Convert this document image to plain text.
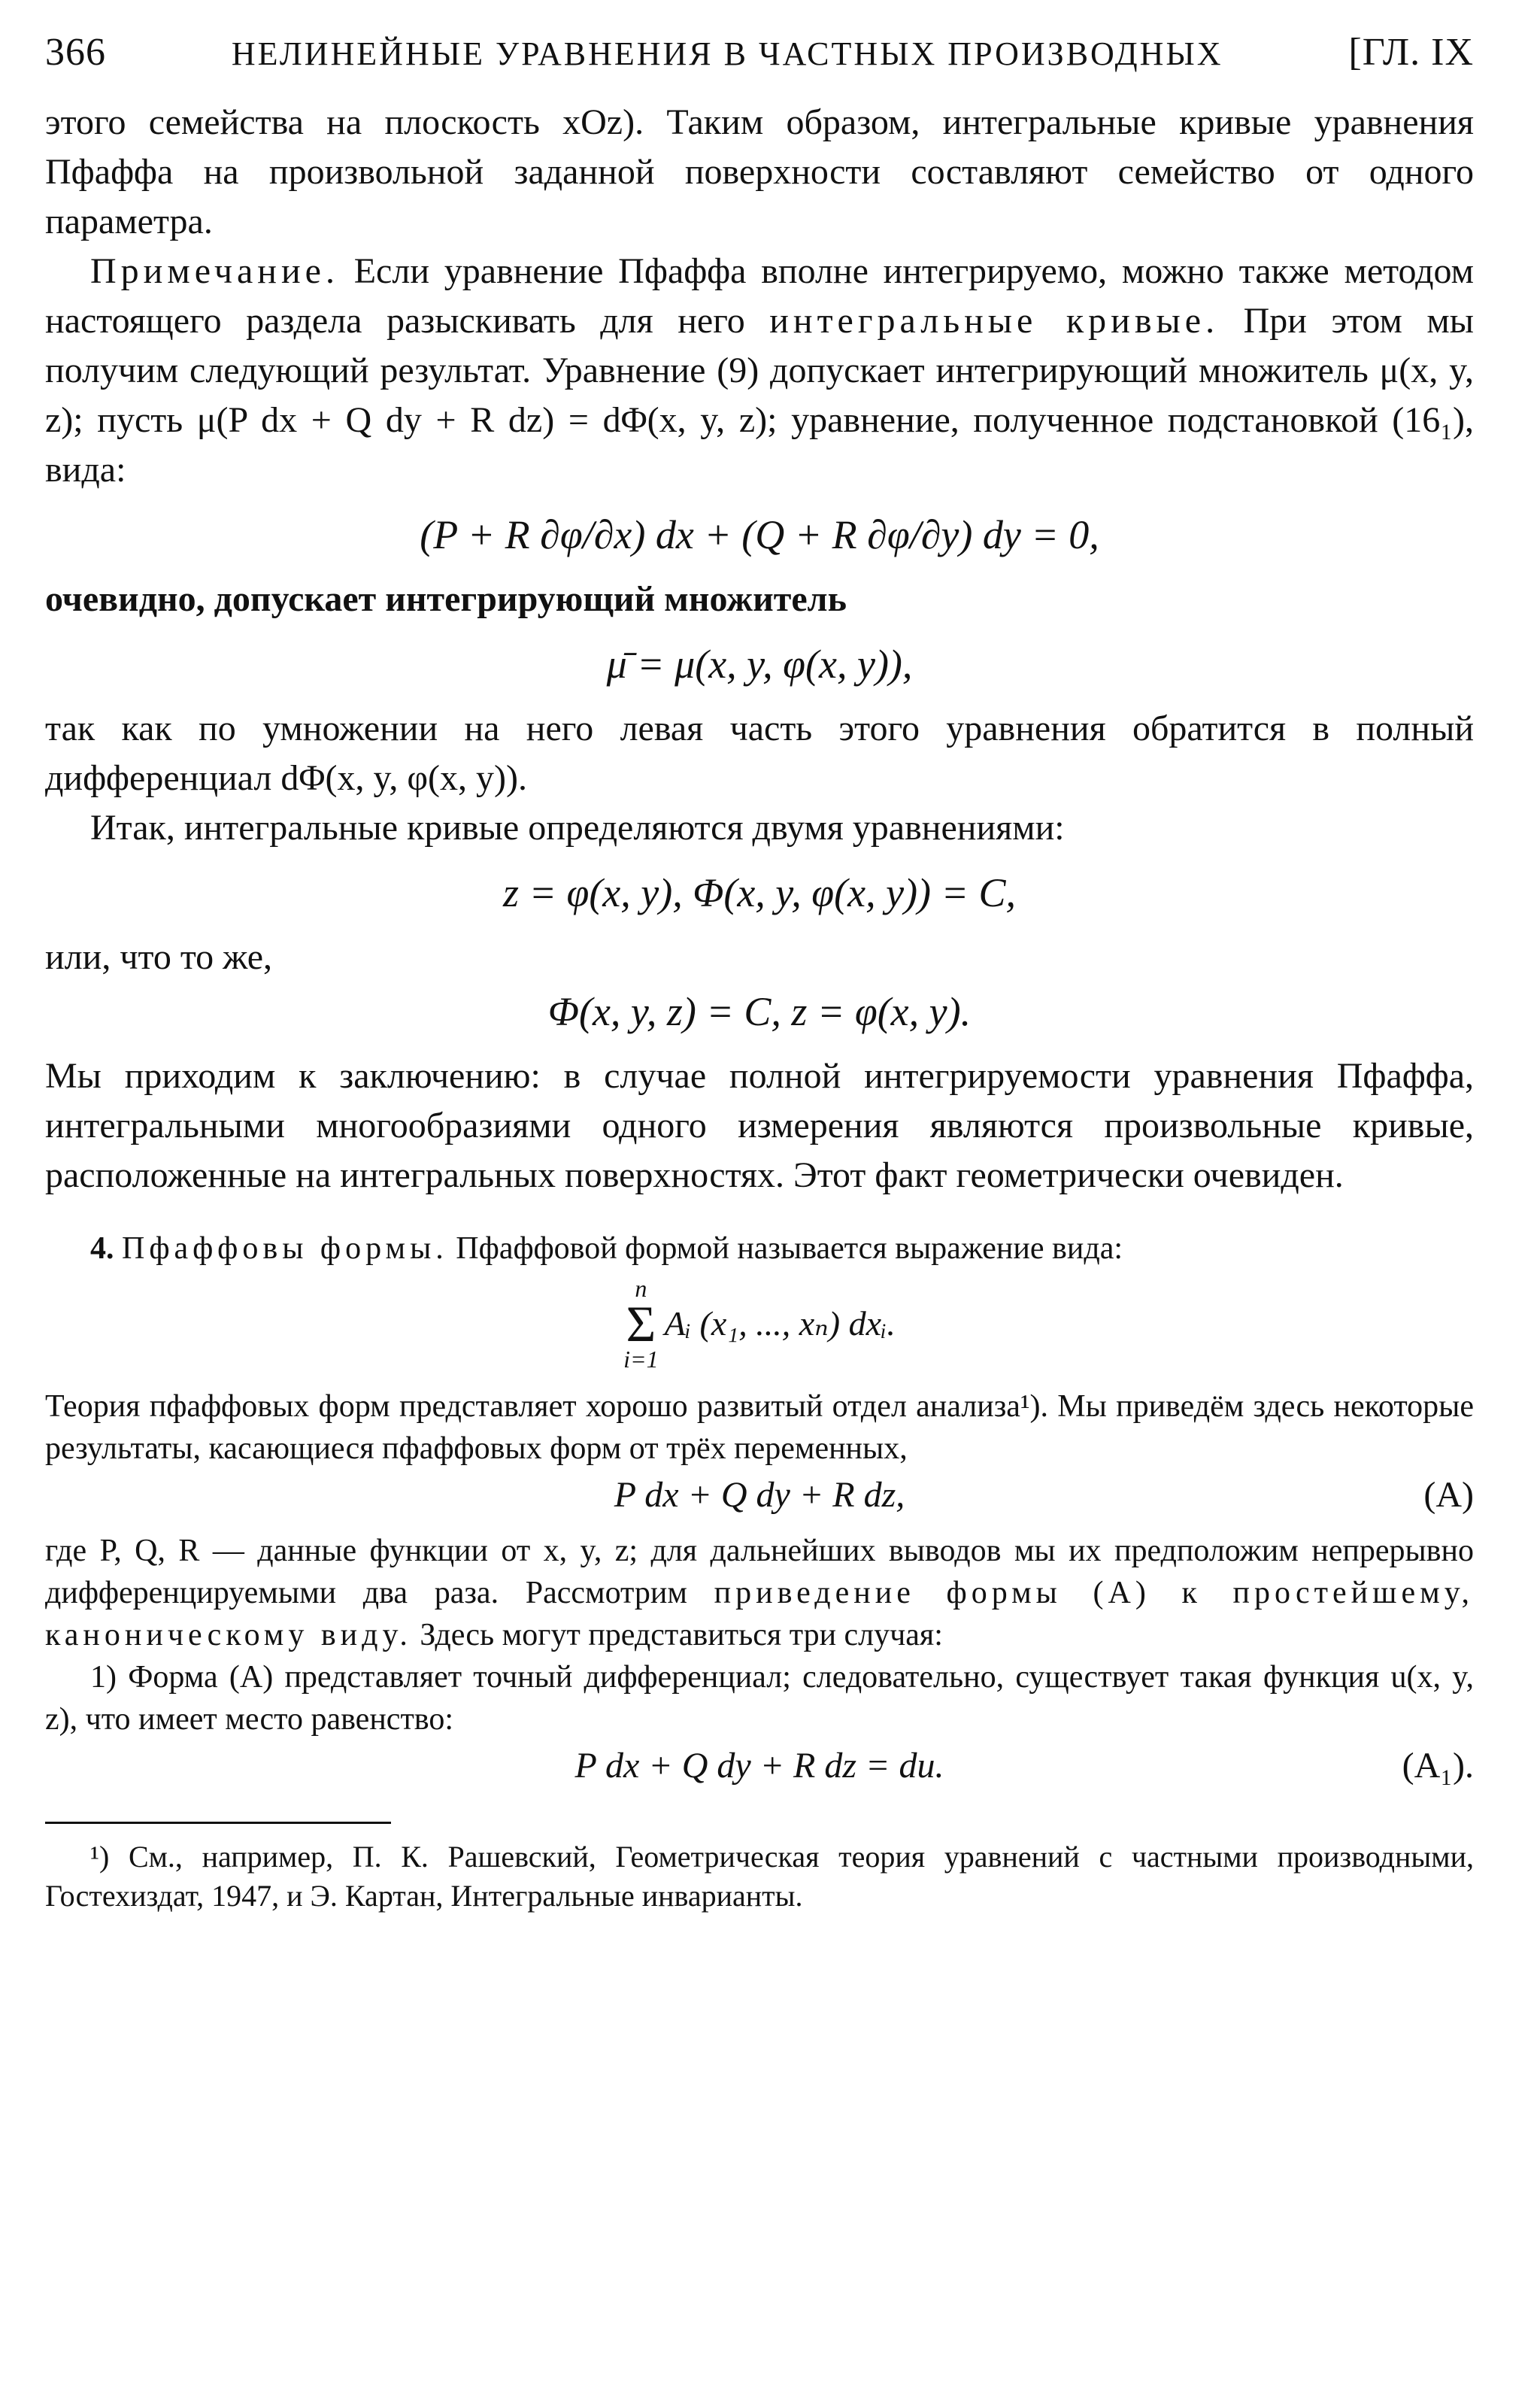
366	НЕЛИНЕЙНЫЕ УРАВНЕНИЯ В ЧАСТНЫХ ПРОИЗВОДНЫХ	[ГЛ. IX

этого семейства на плоскость xOz). Таким образом, интегральные кривые уравнения Пфаффа на произвольной заданной поверхности составляют семейство от одного параметра.

Примечание. Если уравнение Пфаффа вполне интегрируемо, можно также методом настоящего раздела разыскивать для него интегральные кривые. При этом мы получим следующий результат. Уравнение (9) допускает интегрирующий множитель μ(x, y, z); пусть μ(P dx + Q dy + R dz) = dΦ(x, y, z); уравнение, полученное подстановкой (16₁), вида:

(P + R ∂φ/∂x) dx + (Q + R ∂φ/∂y) dy = 0,

очевидно, допускает интегрирующий множитель

μ̄ = μ(x, y, φ(x, y)),

так как по умножении на него левая часть этого уравнения обратится в полный дифференциал dΦ(x, y, φ(x, y)).

Итак, интегральные кривые определяются двумя уравнениями:

z = φ(x, y), Φ(x, y, φ(x, y)) = C,

или, что то же,

Φ(x, y, z) = C, z = φ(x, y).

Мы приходим к заключению: в случае полной интегрируемости уравнения Пфаффа, интегральными многообразиями одного измерения являются произвольные кривые, расположенные на интегральных поверхностях. Этот факт геометрически очевиден.

4. Пфаффовы формы. Пфаффовой формой называется выражение вида:

n
Σ
i=1
Aᵢ (x₁, ..., xₙ) dxᵢ.

Теория пфаффовых форм представляет хорошо развитый отдел анализа¹). Мы приведём здесь некоторые результаты, касающиеся пфаффовых форм от трёх переменных,

P dx + Q dy + R dz,	(A)

где P, Q, R — данные функции от x, y, z; для дальнейших выводов мы их предположим непрерывно дифференцируемыми два раза. Рассмотрим приведение формы (А) к простейшему, каноническому виду. Здесь могут представиться три случая:

1) Форма (А) представляет точный дифференциал; следовательно, существует такая функция u(x, y, z), что имеет место равенство:

P dx + Q dy + R dz = du.	(A₁).
¹) См., например, П. К. Рашевский, Геометрическая теория уравнений с частными производными, Гостехиздат, 1947, и Э. Картан, Интегральные инварианты.
